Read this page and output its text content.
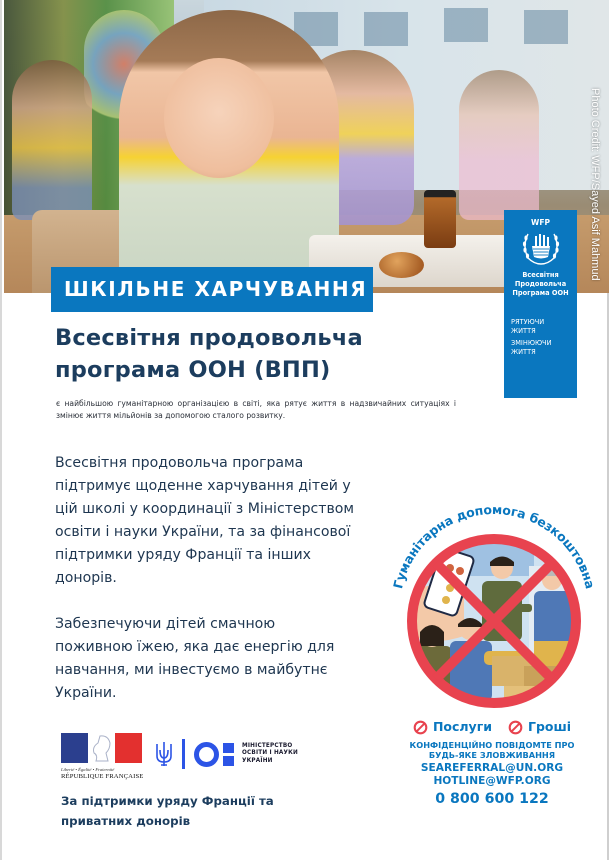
Photo Credit: WFP/Sayed Asif Mahmud
WFP
Всесвітня
Продовольча
Програма ООН
РЯТУЮЧИ
ЖИТТЯ
ЗМІНЮЮЧИ
ЖИТТЯ
ШКІЛЬНЕ ХАРЧУВАННЯ
Всесвітня продовольча
програма ООН (ВПП)

є найбільшою гуманітарною організацією в світі, яка рятує життя в надзвичайних ситуаціях і змінює життя мільйонів за допомогою сталого розвитку.

Всесвітня продовольча програма
підтримує щоденне харчування дітей у
цій школі у координації з Міністерством
освіти і науки України, та за фінансової
підтримки уряду Франції та інших
донорів.

Забезпечуючи дітей смачною
поживною їжею, яка дає енергію для
навчання, ми інвестуємо в майбутнє
України.

Гуманітарна допомога безкоштовна
Послуги	Гроші
КОНФІДЕНЦІЙНО ПОВІДОМТЕ ПРО
БУДЬ-ЯКЕ ЗЛОВЖИВАННЯ
SEAREFERRAL@UN.ORG
HOTLINE@WFP.ORG
0 800 600 122
Liberté • Égalité • Fraternité
RÉPUBLIQUE FRANÇAISE
МІНІСТЕРСТВО
ОСВІТИ І НАУКИ
УКРАЇНИ
За підтримки уряду Франції та
приватних донорів
